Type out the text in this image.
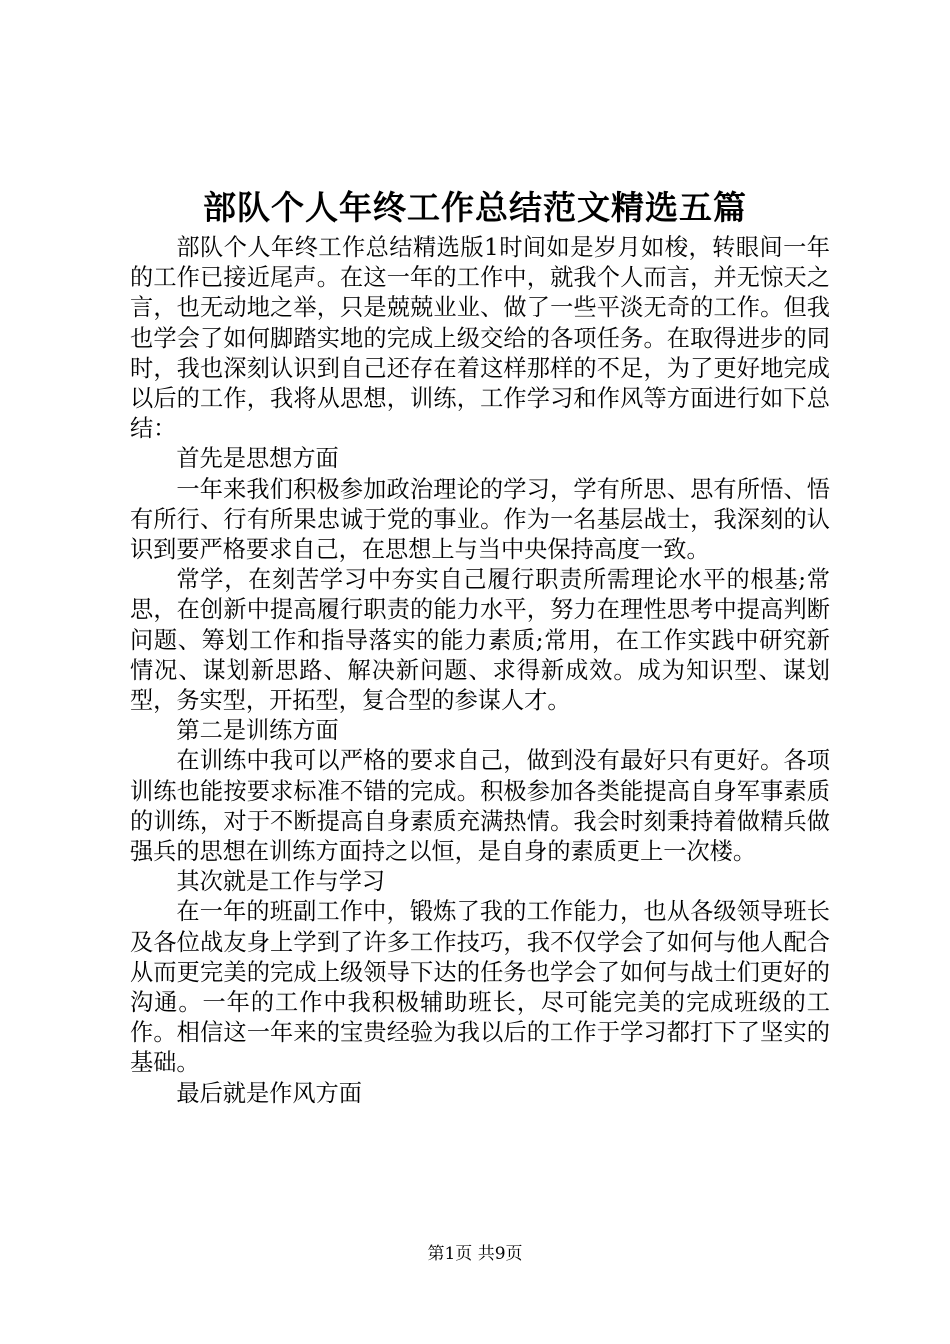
部队个人年终工作总结范文精选五篇

部队个人年终工作总结精选版1时间如是岁月如梭，转眼间一年的工作已接近尾声。在这一年的工作中，就我个人而言，并无惊天之言，也无动地之举，只是兢兢业业、做了一些平淡无奇的工作。但我也学会了如何脚踏实地的完成上级交给的各项任务。在取得进步的同时，我也深刻认识到自己还存在着这样那样的不足，为了更好地完成以后的工作，我将从思想，训练，工作学习和作风等方面进行如下总结：

首先是思想方面

一年来我们积极参加政治理论的学习，学有所思、思有所悟、悟有所行、行有所果忠诚于党的事业。作为一名基层战士，我深刻的认识到要严格要求自己，在思想上与当中央保持高度一致。

常学，在刻苦学习中夯实自己履行职责所需理论水平的根基;常思，在创新中提高履行职责的能力水平，努力在理性思考中提高判断问题、筹划工作和指导落实的能力素质;常用，在工作实践中研究新情况、谋划新思路、解决新问题、求得新成效。成为知识型、谋划型，务实型，开拓型，复合型的参谋人才。

第二是训练方面

在训练中我可以严格的要求自己，做到没有最好只有更好。各项训练也能按要求标准不错的完成。积极参加各类能提高自身军事素质的训练，对于不断提高自身素质充满热情。我会时刻秉持着做精兵做强兵的思想在训练方面持之以恒，是自身的素质更上一次楼。

其次就是工作与学习

在一年的班副工作中，锻炼了我的工作能力，也从各级领导班长及各位战友身上学到了许多工作技巧，我不仅学会了如何与他人配合从而更完美的完成上级领导下达的任务也学会了如何与战士们更好的沟通。一年的工作中我积极辅助班长，尽可能完美的完成班级的工作。相信这一年来的宝贵经验为我以后的工作于学习都打下了坚实的基础。

最后就是作风方面

第1页 共9页
